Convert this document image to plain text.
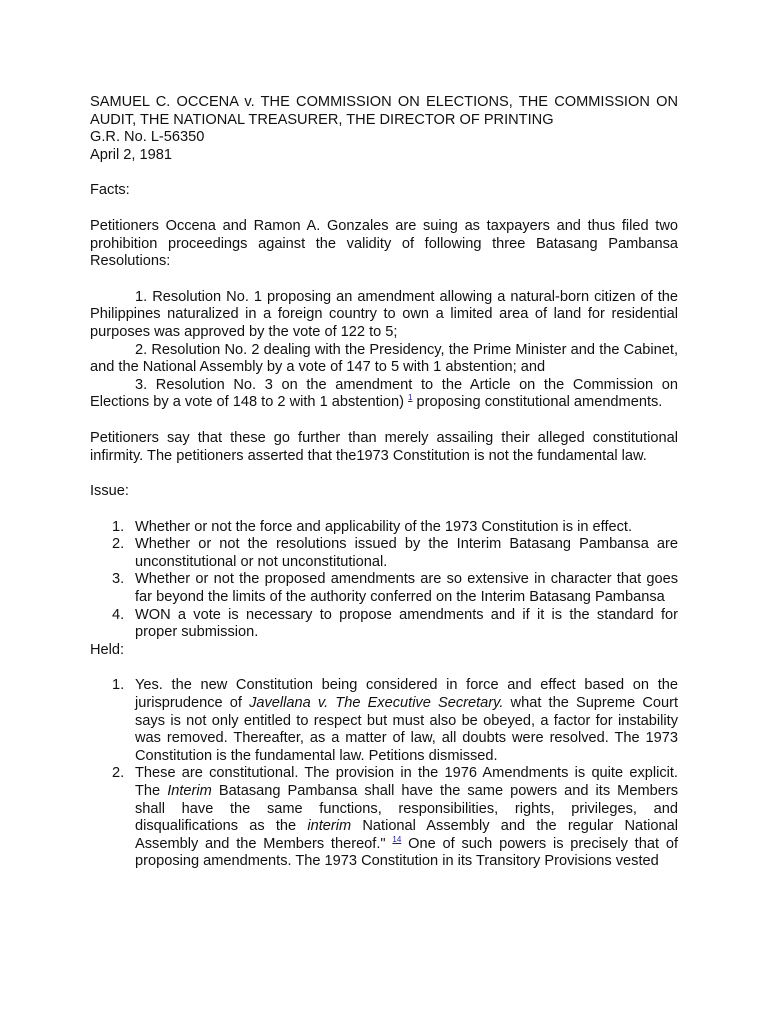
SAMUEL C. OCCENA v. THE COMMISSION ON ELECTIONS, THE COMMISSION ON AUDIT, THE NATIONAL TREASURER, THE DIRECTOR OF PRINTING

G.R. No. L-56350

April 2, 1981

Facts:

Petitioners Occena and Ramon A. Gonzales are suing as taxpayers and thus filed two prohibition proceedings against the validity of following three Batasang Pambansa Resolutions:

1. Resolution No. 1 proposing an amendment allowing a natural-born citizen of the Philippines naturalized in a foreign country to own a limited area of land for residential purposes was approved by the vote of 122 to 5;

2. Resolution No. 2 dealing with the Presidency, the Prime Minister and the Cabinet, and the National Assembly by a vote of 147 to 5 with 1 abstention; and

3. Resolution No. 3 on the amendment to the Article on the Commission on Elections by a vote of 148 to 2 with 1 abstention) $^1$ proposing constitutional amendments.

Petitioners say that these go further than merely assailing their alleged constitutional infirmity. The petitioners asserted that the1973 Constitution is not the fundamental law.

Issue:

1. Whether or not the force and applicability of the 1973 Constitution is in effect.
2. Whether or not the resolutions issued by the Interim Batasang Pambansa are unconstitutional or not unconstitutional.
3. Whether or not the proposed amendments are so extensive in character that goes far beyond the limits of the authority conferred on the Interim Batasang Pambansa
4. WON a vote is necessary to propose amendments and if it is the standard for proper submission.

Held:

1. Yes. the new Constitution being considered in force and effect based on the jurisprudence of Javellana v. The Executive Secretary. what the Supreme Court says is not only entitled to respect but must also be obeyed, a factor for instability was removed. Thereafter, as a matter of law, all doubts were resolved. The 1973 Constitution is the fundamental law. Petitions dismissed.
2. These are constitutional. The provision in the 1976 Amendments is quite explicit. The Interim Batasang Pambansa shall have the same powers and its Members shall have the same functions, responsibilities, rights, privileges, and disqualifications as the interim National Assembly and the regular National Assembly and the Members thereof." $^{14}$ One of such powers is precisely that of proposing amendments. The 1973 Constitution in its Transitory Provisions vested
